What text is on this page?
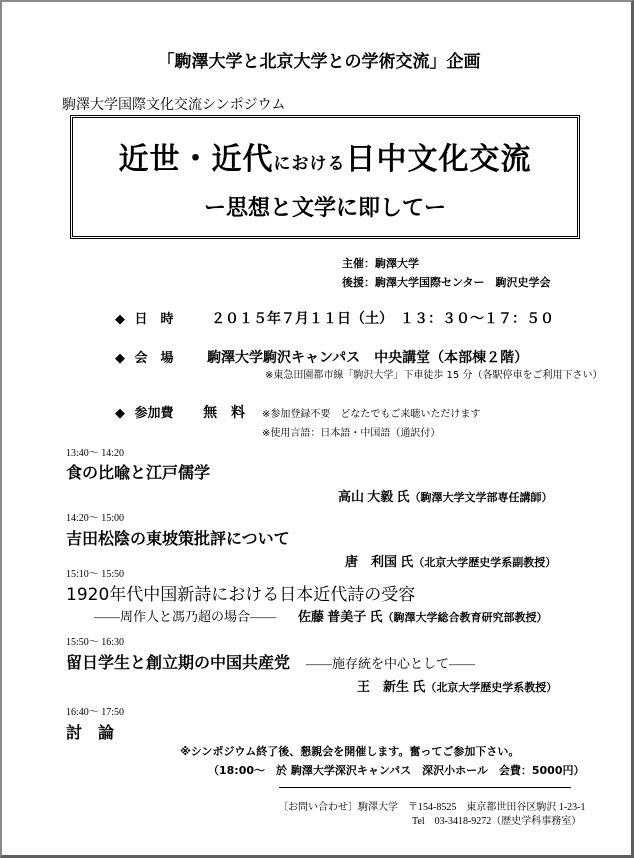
「駒澤大学と北京大学との学術交流」企画
駒澤大学国際文化交流シンポジウム
近世・近代における日中文化交流
ー思想と文学に即してー
主催：駒澤大学
後援：駒澤大学国際センター　駒沢史学会
◆ 日　時	２０１５年７月１１日（土）　１３：３０～１７：５０
◆ 会　場 駒澤大学駒沢キャンパス　中央講堂（本部棟２階）
※東急田園都市線「駒沢大学」下車徒歩 15 分（各駅停車をご利用下さい）
◆ 参加費 無　料 ※参加登録不要　どなたでもご来聴いただけます
※使用言語：日本語・中国語（通訳付）
13:40～ 14:20
食の比喩と江戸儒学
高山 大毅 氏（駒澤大学文学部専任講師）
14:20～ 15:00
吉田松陰の東坡策批評について
唐　利国 氏（北京大学歴史学系副教授）
15:10～ 15:50
1920年代中国新詩における日本近代詩の受容
――周作人と馮乃超の場合―― 佐藤 普美子 氏（駒澤大学総合教育研究部教授）
15:50～ 16:30
留日学生と創立期の中国共産党 ――施存統を中心として――
王　新生 氏（北京大学歴史学系教授）
16:40～ 17:50
討　論
※シンポジウム終了後、懇親会を開催します。奮ってご参加下さい。
（18:00～　於 駒澤大学深沢キャンパス　深沢小ホール　会費：5000円）
〔お問い合わせ〕駒澤大学　〒154-8525　東京都世田谷区駒沢 1-23-1
Tel　03-3418-9272（歴史学科事務室）
